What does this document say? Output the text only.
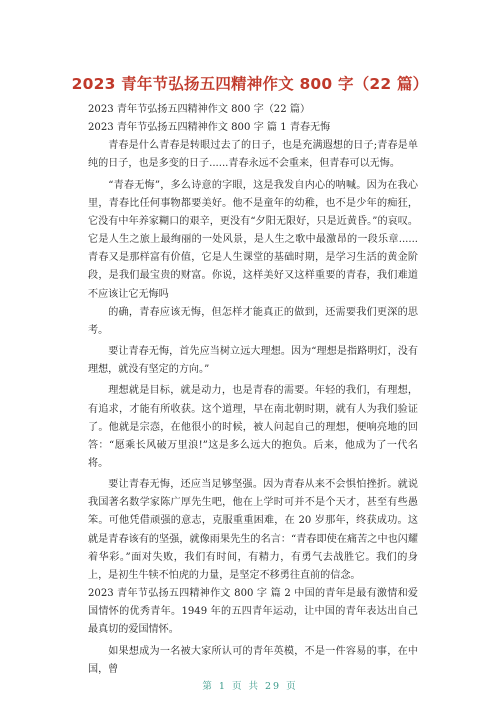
2023 青年节弘扬五四精神作文 800 字（22 篇）

2023 青年节弘扬五四精神作文 800 字（22 篇）

2023 青年节弘扬五四精神作文 800 字 篇 1 青春无悔

青春是什么青春是转眼过去了的日子，也是充满遐想的日子;青春是单纯的日子，也是多变的日子......青春永远不会重来，但青春可以无悔。

“青春无悔”，多么诗意的字眼，这是我发自内心的呐喊。因为在我心里，青春比任何事物都要美好。他不是童年的幼稚，也不是少年的痴狂，它没有中年养家糊口的艰辛，更没有“夕阳无限好，只是近黄昏。”的哀叹。它是人生之旅上最绚丽的一处风景，是人生之歌中最激昂的一段乐章......青春又是那样富有价值，它是人生课堂的基础时期，是学习生活的黄金阶段，是我们最宝贵的财富。你说，这样美好又这样重要的青春，我们难道不应该让它无悔吗

的确，青春应该无悔，但怎样才能真正的做到，还需要我们更深的思考。

要让青春无悔，首先应当树立远大理想。因为“理想是指路明灯，没有理想，就没有坚定的方向。”

理想就是目标，就是动力，也是青春的需要。年轻的我们，有理想，有追求，才能有所收获。这个道理，早在南北朝时期，就有人为我们验证了。他就是宗悫，在他很小的时候，被人问起自己的理想，便响亮地的回答：“愿乘长风破万里浪!”这是多么远大的抱负。后来，他成为了一代名将。

要让青春无悔，还应当足够坚强。因为青春从来不会惧怕挫折。就说我国著名数学家陈广厚先生吧，他在上学时可并不是个天才，甚至有些愚笨。可他凭借顽强的意志，克服重重困难，在 20 岁那年，终获成功。这就是青春该有的坚强，就像雨果先生的名言：“青春即使在痛苦之中也闪耀着华彩。”面对失败，我们有时间，有精力，有勇气去战胜它。我们的身上，是初生牛犊不怕虎的力量，是坚定不移勇往直前的信念。

2023 青年节弘扬五四精神作文 800 字 篇 2 中国的青年是最有激情和爱国情怀的优秀青年。1949 年的五四青年运动，让中国的青年表达出自己最真切的爱国情怀。

如果想成为一名被大家所认可的青年英模，不是一件容易的事，在中国，曾

第 1 页 共 29 页
